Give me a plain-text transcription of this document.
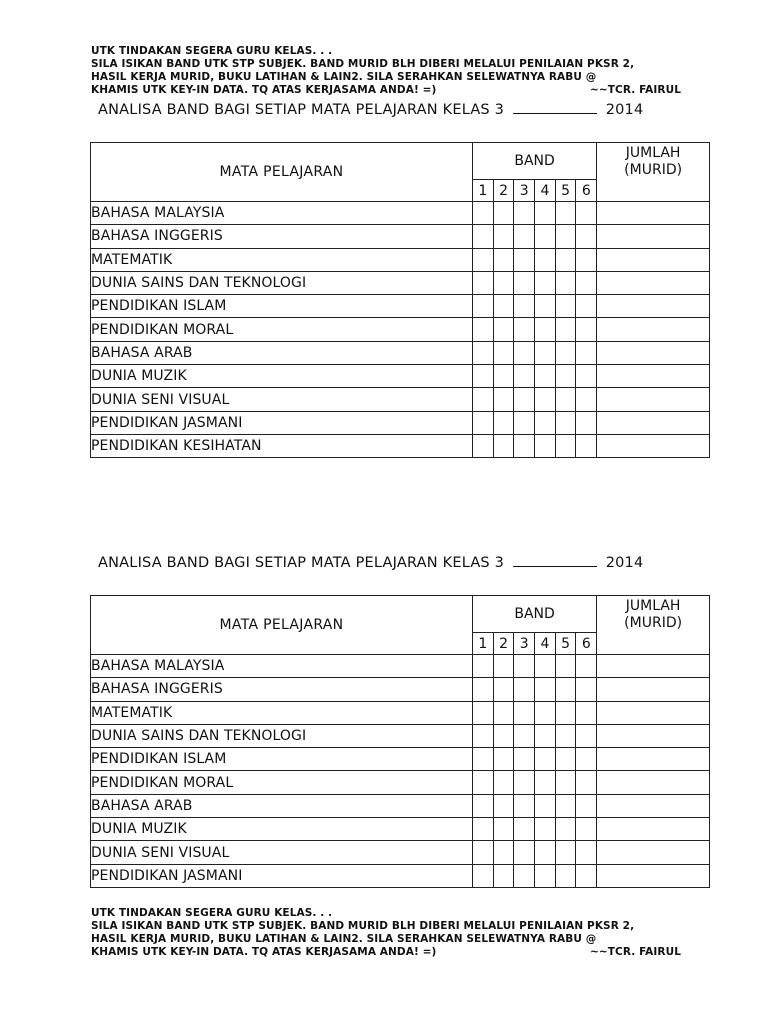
UTK TINDAKAN SEGERA GURU KELAS. . .
SILA ISIKAN BAND UTK STP SUBJEK. BAND MURID BLH DIBERI MELALUI PENILAIAN PKSR 2,
HASIL KERJA MURID, BUKU LATIHAN & LAIN2. SILA SERAHKAN SELEWATNYA RABU @
KHAMIS UTK KEY-IN DATA. TQ ATAS KERJASAMA ANDA! =)	~~TCR. FAIRUL
ANALISA BAND BAGI SETIAP MATA PELAJARAN KELAS 3	2014
MATA PELAJARAN	BAND						JUMLAH
(MURID)

	1	2	3	4	5	6	
BAHASA MALAYSIA							
BAHASA INGGERIS							
MATEMATIK							
DUNIA SAINS DAN TEKNOLOGI							
PENDIDIKAN ISLAM							
PENDIDIKAN MORAL							
BAHASA ARAB							
DUNIA MUZIK							
DUNIA SENI VISUAL							
PENDIDIKAN JASMANI							
PENDIDIKAN KESIHATAN							
ANALISA BAND BAGI SETIAP MATA PELAJARAN KELAS 3	2014
MATA PELAJARAN	BAND						JUMLAH
(MURID)

	1	2	3	4	5	6	
BAHASA MALAYSIA							
BAHASA INGGERIS							
MATEMATIK							
DUNIA SAINS DAN TEKNOLOGI							
PENDIDIKAN ISLAM							
PENDIDIKAN MORAL							
BAHASA ARAB							
DUNIA MUZIK							
DUNIA SENI VISUAL							
PENDIDIKAN JASMANI							
UTK TINDAKAN SEGERA GURU KELAS. . .
SILA ISIKAN BAND UTK STP SUBJEK. BAND MURID BLH DIBERI MELALUI PENILAIAN PKSR 2,
HASIL KERJA MURID, BUKU LATIHAN & LAIN2. SILA SERAHKAN SELEWATNYA RABU @
KHAMIS UTK KEY-IN DATA. TQ ATAS KERJASAMA ANDA! =)	~~TCR. FAIRUL
